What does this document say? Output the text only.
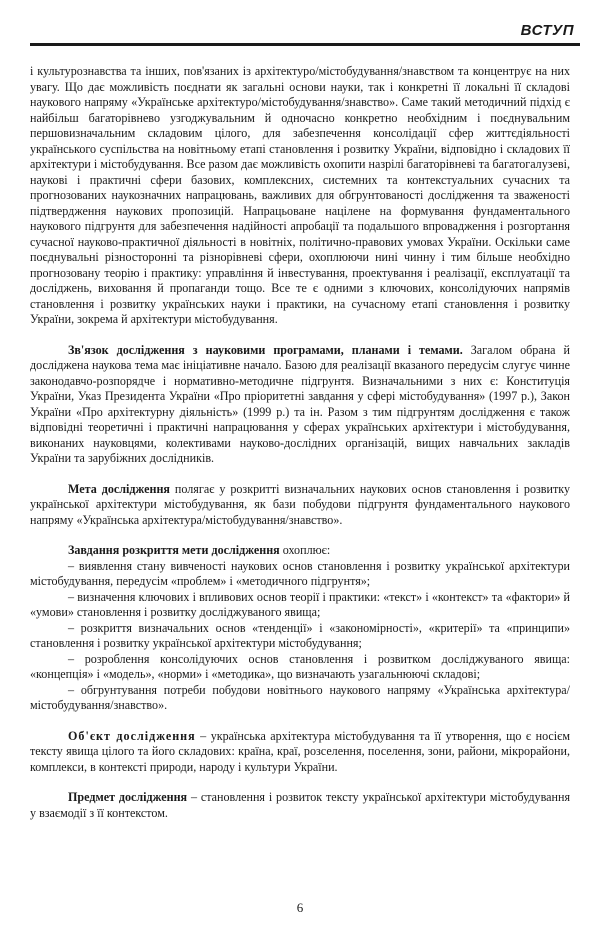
ВСТУП

і культурознавства та інших, пов'язаних із архітектуро/містобудування/знавством та концентрує на них увагу. Що дає можливість поєднати як загальні основи науки, так і конкретні її локальні її складові наукового напряму «Українське архітектуро/містобудування/знавство». Саме такий методичний підхід є найбільш багаторівнево узгоджувальним й одночасно конкретно необхідним і поєднувальним першовизначальним складовим цілого, для забезпечення консолідації сфер життєдіяльності українського суспільства на новітньому етапі становлення і розвитку України, відповідно і складових її архітектури і містобудування. Все разом дає можливість охопити назрілі багаторівневі та багатогалузеві, наукові і практичні сфери базових, комплексних, системних та контекстуальних сучасних та прогнозованих наукозначних напрацювань, важливих для обгрунтованості дослідження та зваженості підтвердження наукових пропозицій. Напрацьоване націлене на формування фундаментального наукового підгрунтя для забезпечення надійності апробації та подальшого впровадження і розгортання сучасної науково-практичної діяльності в новітніх, політично-правових умовах України. Оскільки саме поєднувальні різносторонні та різнорівневі сфери, охоплюючи нині чинну і тим більше необхідно прогнозовану теорію і практику: управління й інвестування, проектування і реалізації, експлуатації та досліджень, виховання й пропаганди тощо. Все те є одними з ключових, консолідуючих напрямів становлення і розвитку українських науки і практики, на сучасному етапі становлення і розвитку України, зокрема й архітектури містобудування.

Зв'язок дослідження з науковими програмами, планами і темами. Загалом обрана й досліджена наукова тема має ініціативне начало. Базою для реалізації вказаного передусім слугує чинне законодавчо-розпорядче і нормативно-методичне підгрунтя. Визначальними з них є: Конституція України, Указ Президента України «Про пріоритетні завдання у сфері містобудування» (1997 р.), Закон України «Про архітектурну діяльність» (1999 р.) та ін. Разом з тим підгрунтям дослідження є також відповідні теоретичні і практичні напрацювання у сферах українських архітектури і містобудування, виконаних науковцями, колективами науково-дослідних організацій, вищих навчальних закладів України та зарубіжних дослідників.

Мета дослідження полягає у розкритті визначальних наукових основ становлення і розвитку української архітектури містобудування, як бази побудови підгрунтя фундаментального наукового напряму «Українська архітектура/містобудування/знавство».

Завдання розкриття мети дослідження охоплює:

– виявлення стану вивченості наукових основ становлення і розвитку української архітектури містобудування, передусім «проблем» і «методичного підгрунтя»;

– визначення ключових і впливових основ теорії і практики: «текст» і «контекст» та «фактори» й «умови» становлення і розвитку досліджуваного явища;

– розкриття визначальних основ «тенденції» і «закономірності», «критерії» та «принципи» становлення і розвитку української архітектури містобудування;

– розроблення консолідуючих основ становлення і розвитком досліджуваного явища: «концепція» і «модель», «норми» і «методика», що визначають узагальнюючі складові;

– обгрунтування потреби побудови новітнього наукового напряму «Українська архітектура/містобудування/знавство».

Об'єкт дослідження – українська архітектура містобудування та її утворення, що є носієм тексту явища цілого та його складових: країна, краї, розселення, поселення, зони, райони, мікрорайони, комплекси, в контексті природи, народу і культури України.

Предмет дослідження – становлення і розвиток тексту української архітектури містобудування у взаємодії з її контекстом.

6
